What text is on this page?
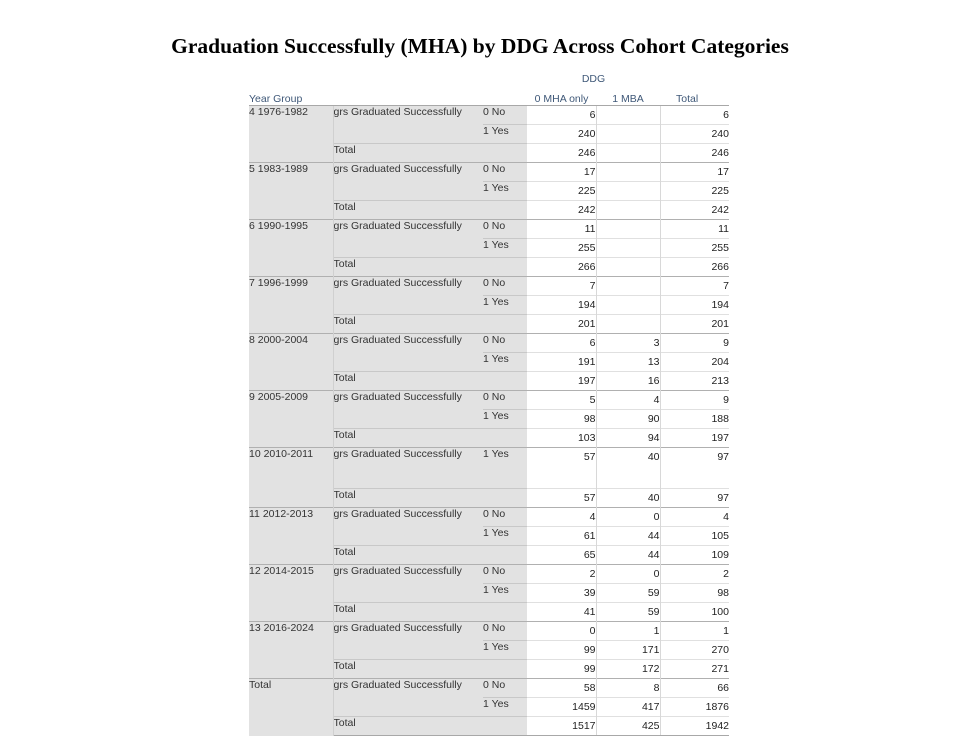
Graduation Successfully (MHA) by DDG Across Cohort Categories
			DDG		
Year Group			0 MHA only	1 MBA	Total
4 1976-1982	grs Graduated Successfully	0 No	6		6
		1 Yes	240		240
	Total		246		246
5 1983-1989	grs Graduated Successfully	0 No	17		17
		1 Yes	225		225
	Total		242		242
6 1990-1995	grs Graduated Successfully	0 No	11		11
		1 Yes	255		255
	Total		266		266
7 1996-1999	grs Graduated Successfully	0 No	7		7
		1 Yes	194		194
	Total		201		201
8 2000-2004	grs Graduated Successfully	0 No	6	3	9
		1 Yes	191	13	204
	Total		197	16	213
9 2005-2009	grs Graduated Successfully	0 No	5	4	9
		1 Yes	98	90	188
	Total		103	94	197
10 2010-2011	grs Graduated Successfully	1 Yes	57	40	97
	Total		57	40	97
11 2012-2013	grs Graduated Successfully	0 No	4	0	4
		1 Yes	61	44	105
	Total		65	44	109
12 2014-2015	grs Graduated Successfully	0 No	2	0	2
		1 Yes	39	59	98
	Total		41	59	100
13 2016-2024	grs Graduated Successfully	0 No	0	1	1
		1 Yes	99	171	270
	Total		99	172	271
Total	grs Graduated Successfully	0 No	58	8	66
		1 Yes	1459	417	1876
	Total		1517	425	1942
